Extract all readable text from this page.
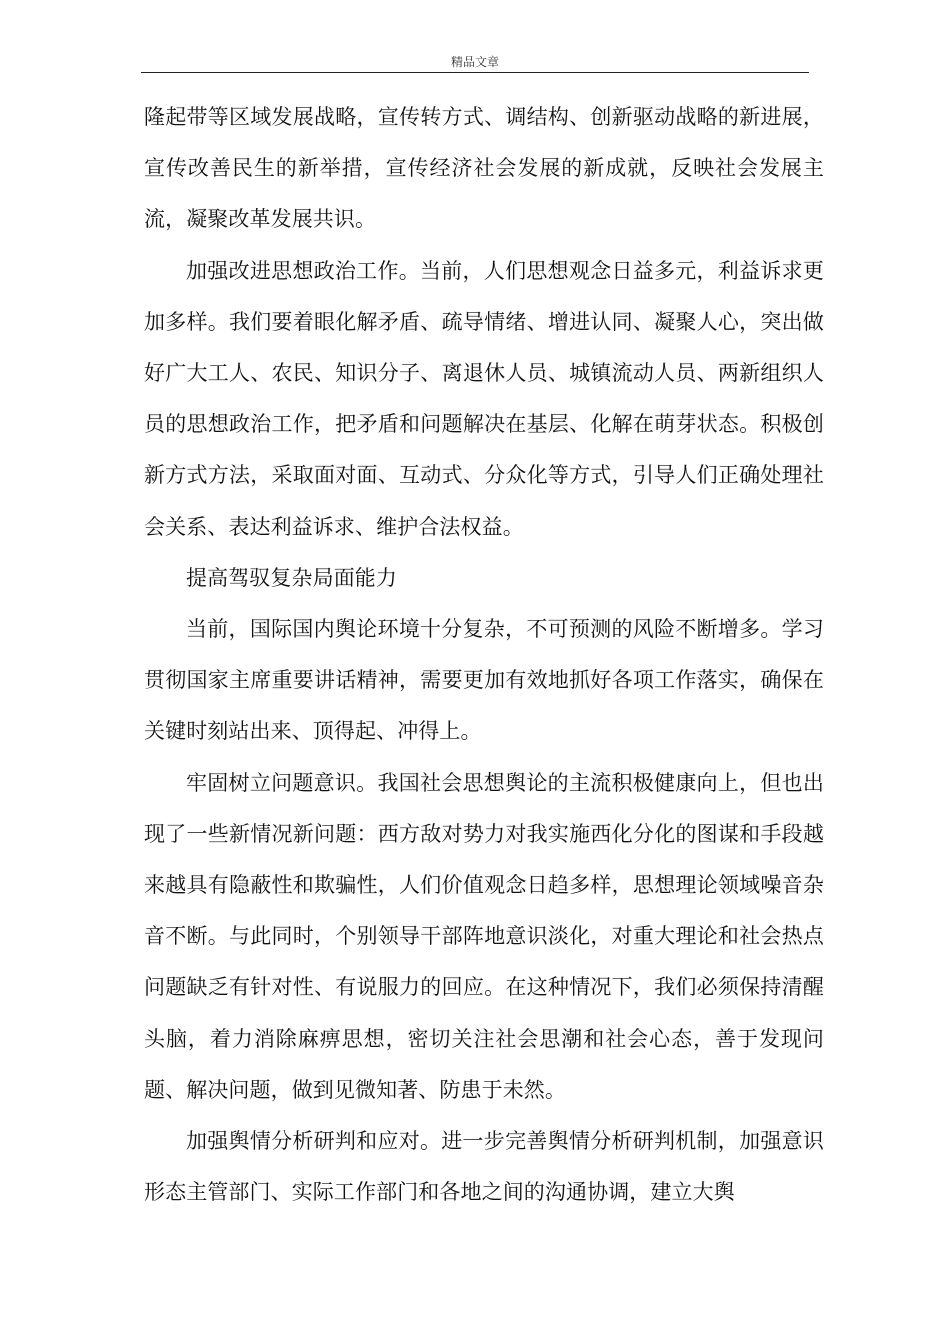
精品文章

隆起带等区域发展战略，宣传转方式、调结构、创新驱动战略的新进展，宣传改善民生的新举措，宣传经济社会发展的新成就，反映社会发展主流，凝聚改革发展共识。

加强改进思想政治工作。当前，人们思想观念日益多元，利益诉求更加多样。我们要着眼化解矛盾、疏导情绪、增进认同、凝聚人心，突出做好广大工人、农民、知识分子、离退休人员、城镇流动人员、两新组织人员的思想政治工作，把矛盾和问题解决在基层、化解在萌芽状态。积极创新方式方法，采取面对面、互动式、分众化等方式，引导人们正确处理社会关系、表达利益诉求、维护合法权益。

提高驾驭复杂局面能力

当前，国际国内舆论环境十分复杂，不可预测的风险不断增多。学习贯彻国家主席重要讲话精神，需要更加有效地抓好各项工作落实，确保在关键时刻站出来、顶得起、冲得上。

牢固树立问题意识。我国社会思想舆论的主流积极健康向上，但也出现了一些新情况新问题：西方敌对势力对我实施西化分化的图谋和手段越来越具有隐蔽性和欺骗性，人们价值观念日趋多样，思想理论领域噪音杂音不断。与此同时，个别领导干部阵地意识淡化，对重大理论和社会热点问题缺乏有针对性、有说服力的回应。在这种情况下，我们必须保持清醒头脑，着力消除麻痹思想，密切关注社会思潮和社会心态，善于发现问题、解决问题，做到见微知著、防患于未然。

加强舆情分析研判和应对。进一步完善舆情分析研判机制，加强意识形态主管部门、实际工作部门和各地之间的沟通协调，建立大舆
